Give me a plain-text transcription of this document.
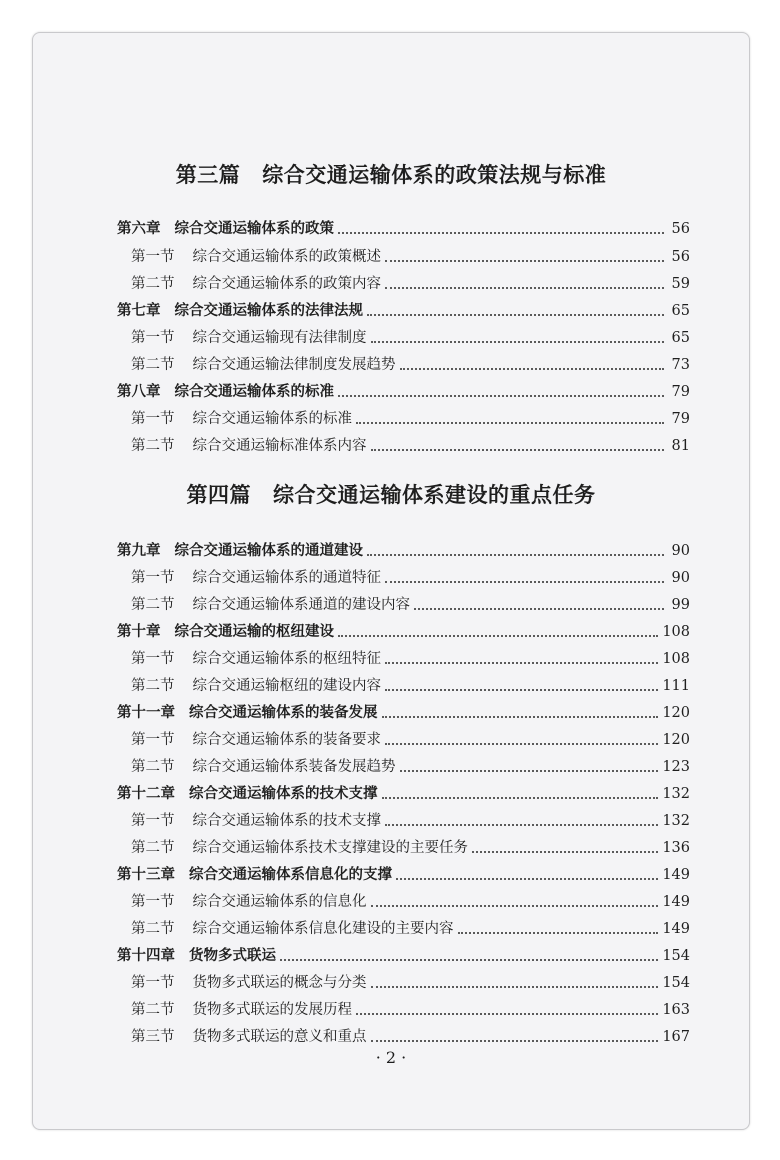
第三篇 综合交通运输体系的政策法规与标准
第六章 综合交通运输体系的政策	56
第一节 综合交通运输体系的政策概述	56
第二节 综合交通运输体系的政策内容	59
第七章 综合交通运输体系的法律法规	65
第一节 综合交通运输现有法律制度	65
第二节 综合交通运输法律制度发展趋势	73
第八章 综合交通运输体系的标准	79
第一节 综合交通运输体系的标准	79
第二节 综合交通运输标准体系内容	81
第四篇 综合交通运输体系建设的重点任务
第九章 综合交通运输体系的通道建设	90
第一节 综合交通运输体系的通道特征	90
第二节 综合交通运输体系通道的建设内容	99
第十章 综合交通运输的枢纽建设	108
第一节 综合交通运输体系的枢纽特征	108
第二节 综合交通运输枢纽的建设内容	111
第十一章 综合交通运输体系的装备发展	120
第一节 综合交通运输体系的装备要求	120
第二节 综合交通运输体系装备发展趋势	123
第十二章 综合交通运输体系的技术支撑	132
第一节 综合交通运输体系的技术支撑	132
第二节 综合交通运输体系技术支撑建设的主要任务	136
第十三章 综合交通运输体系信息化的支撑	149
第一节 综合交通运输体系的信息化	149
第二节 综合交通运输体系信息化建设的主要内容	149
第十四章 货物多式联运	154
第一节 货物多式联运的概念与分类	154
第二节 货物多式联运的发展历程	163
第三节 货物多式联运的意义和重点	167
· 2 ·
